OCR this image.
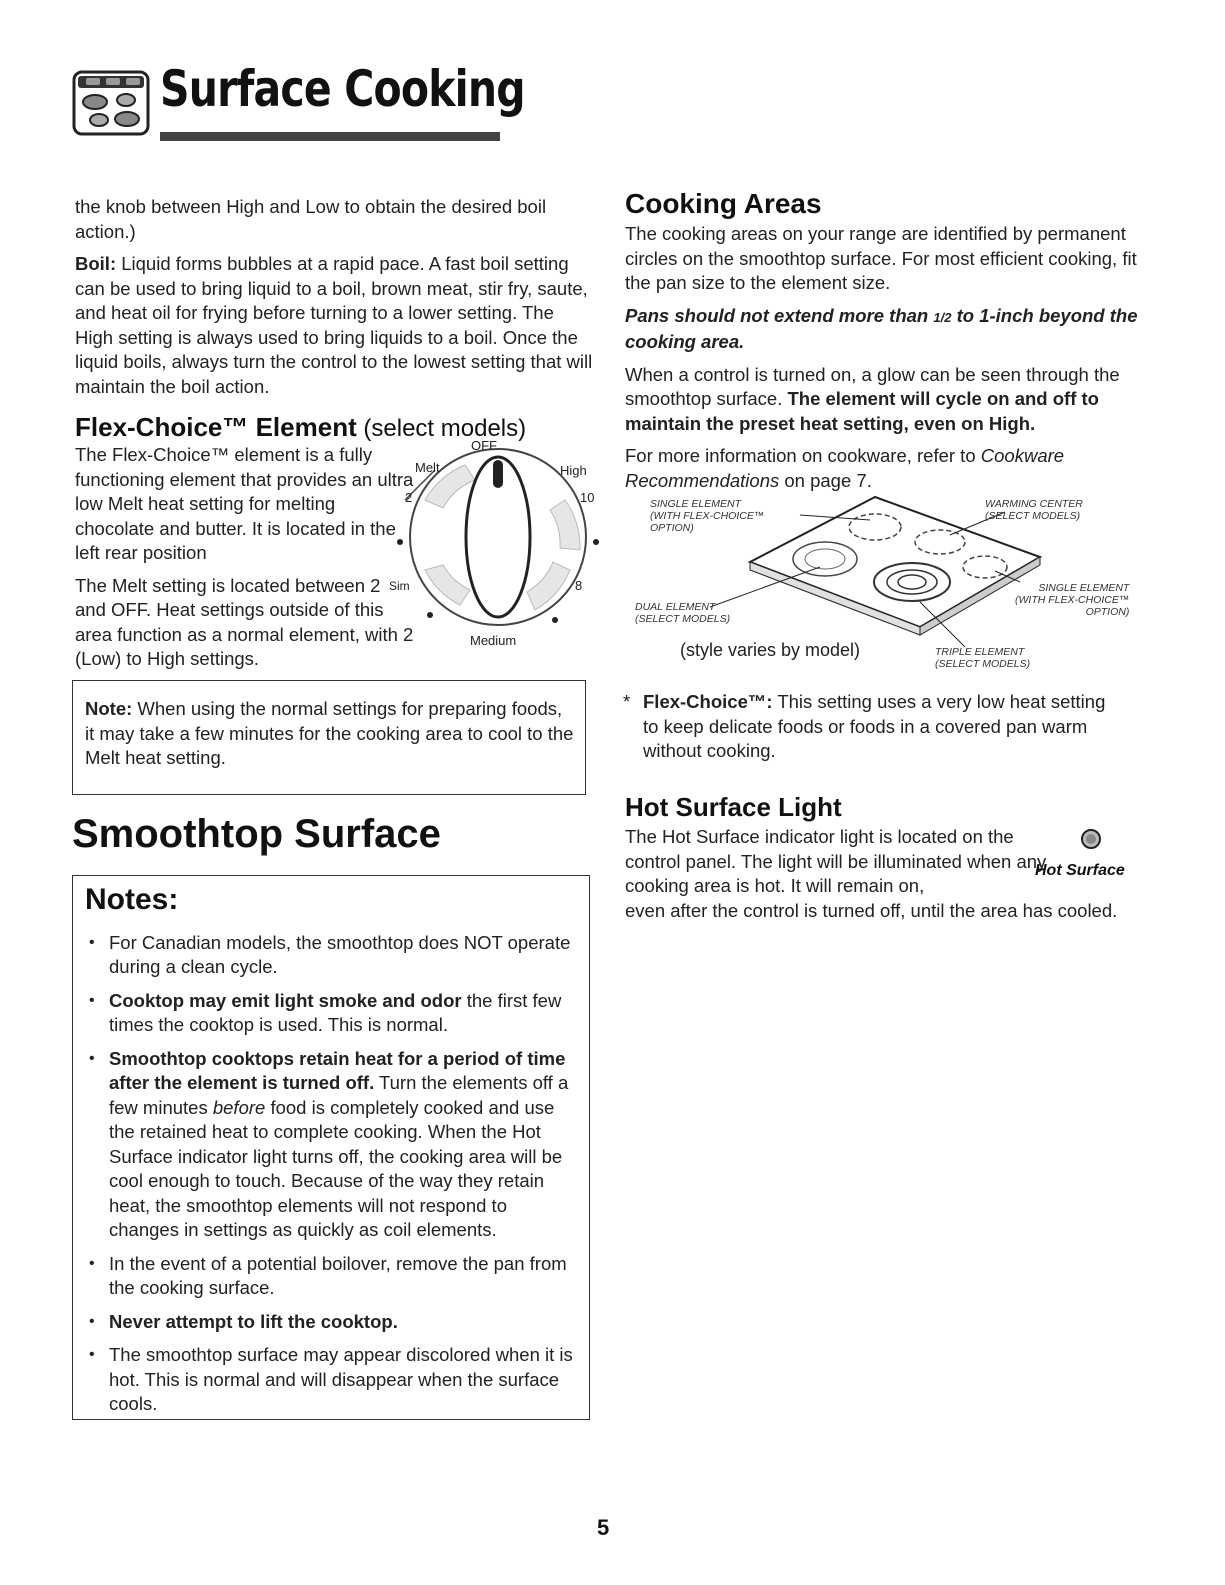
Surface Cooking

the knob between High and Low to obtain the desired boil action.)

Boil: Liquid forms bubbles at a rapid pace. A fast boil setting can be used to bring liquid to a boil, brown meat, stir fry, saute, and heat oil for frying before turning to a lower setting. The High setting is always used to bring liquids to a boil. Once the liquid boils, always turn the control to the lowest setting that will maintain the boil action.

Flex-Choice™ Element (select models)

The Flex-Choice™ element is a fully functioning element that provides an ultra low Melt heat setting for melting chocolate and butter. It is located in the left rear position

The Melt setting is located between 2 and OFF. Heat settings outside of this area function as a normal element, with 2 (Low) to High settings.

OFF
Melt	High
2	10
Sim	8
Medium

Note: When using the normal settings for preparing foods, it may take a few minutes for the cooking area to cool to the Melt heat setting.

Smoothtop Surface
Notes:
• For Canadian models, the smoothtop does NOT operate during a clean cycle.
• Cooktop may emit light smoke and odor the first few times the cooktop is used. This is normal.
• Smoothtop cooktops retain heat for a period of time after the element is turned off. Turn the elements off a few minutes before food is completely cooked and use the retained heat to complete cooking. When the Hot Surface indicator light turns off, the cooking area will be cool enough to touch. Because of the way they retain heat, the smoothtop elements will not respond to changes in settings as quickly as coil elements.
• In the event of a potential boilover, remove the pan from the cooking surface.
• Never attempt to lift the cooktop.
• The smoothtop surface may appear discolored when it is hot. This is normal and will disappear when the surface cools.
Cooking Areas

The cooking areas on your range are identified by permanent circles on the smoothtop surface. For most efficient cooking, fit the pan size to the element size.

Pans should not extend more than 1/2 to 1-inch beyond the cooking area.

When a control is turned on, a glow can be seen through the smoothtop surface. The element will cycle on and off to maintain the preset heat setting, even on High.

For more information on cookware, refer to Cookware Recommendations on page 7.

SINGLE ELEMENT
(WITH FLEX-CHOICE™
OPTION)
WARMING CENTER
(SELECT MODELS)
SINGLE ELEMENT
(WITH FLEX-CHOICE™
OPTION)
DUAL ELEMENT
(SELECT MODELS)
TRIPLE ELEMENT
(SELECT MODELS)
(style varies by model)
* Flex-Choice™: This setting uses a very low heat setting to keep delicate foods or foods in a covered pan warm without cooking.

Hot Surface Light
The Hot Surface indicator light is located on the control panel. The light will be illuminated when any cooking area is hot. It will remain on,
even after the control is turned off, until the area has cooled.
Hot Surface
5
